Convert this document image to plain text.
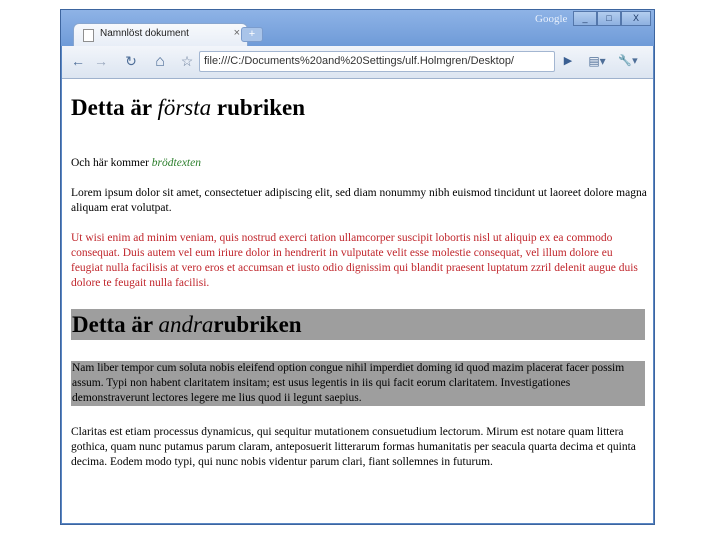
Namnlöst dokument	× +
Google	_	□	X
← → ↻ ⌂ ☆ file:///C:/Documents%20and%20Settings/ulf.Holmgren/Desktop/	▶	▤▾	🔧▾
Detta är första rubriken

Och här kommer brödtexten

Lorem ipsum dolor sit amet, consectetuer adipiscing elit, sed diam nonummy nibh euismod tincidunt ut laoreet dolore magna aliquam erat volutpat.

Ut wisi enim ad minim veniam, quis nostrud exerci tation ullamcorper suscipit lobortis nisl ut aliquip ex ea commodo consequat. Duis autem vel eum iriure dolor in hendrerit in vulputate velit esse molestie consequat, vel illum dolore eu feugiat nulla facilisis at vero eros et accumsan et iusto odio dignissim qui blandit praesent luptatum zzril delenit augue duis dolore te feugait nulla facilisi.

Detta är andrarubriken

Nam liber tempor cum soluta nobis eleifend option congue nihil imperdiet doming id quod mazim placerat facer possim assum. Typi non habent claritatem insitam; est usus legentis in iis qui facit eorum claritatem. Investigationes demonstraverunt lectores legere me lius quod ii legunt saepius.

Claritas est etiam processus dynamicus, qui sequitur mutationem consuetudium lectorum. Mirum est notare quam littera gothica, quam nunc putamus parum claram, anteposuerit litterarum formas humanitatis per seacula quarta decima et quinta decima. Eodem modo typi, qui nunc nobis videntur parum clari, fiant sollemnes in futurum.
